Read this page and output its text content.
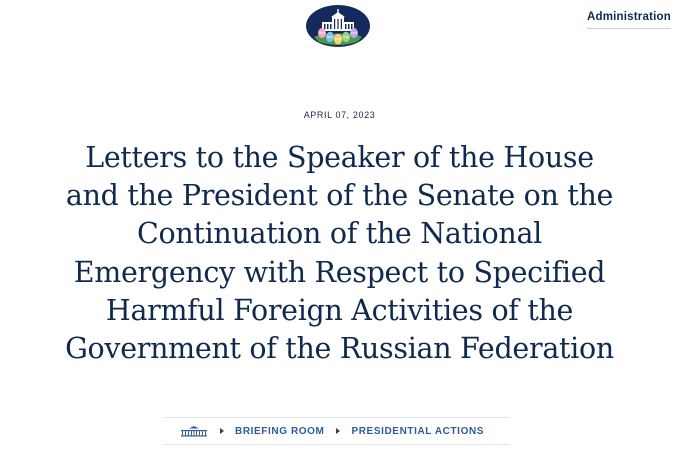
Administration
APRIL 07, 2023
Letters to the Speaker of the House
and the President of the Senate on the
Continuation of the National
Emergency with Respect to Specified
Harmful Foreign Activities of the
Government of the Russian Federation
BRIEFING ROOM	PRESIDENTIAL ACTIONS
